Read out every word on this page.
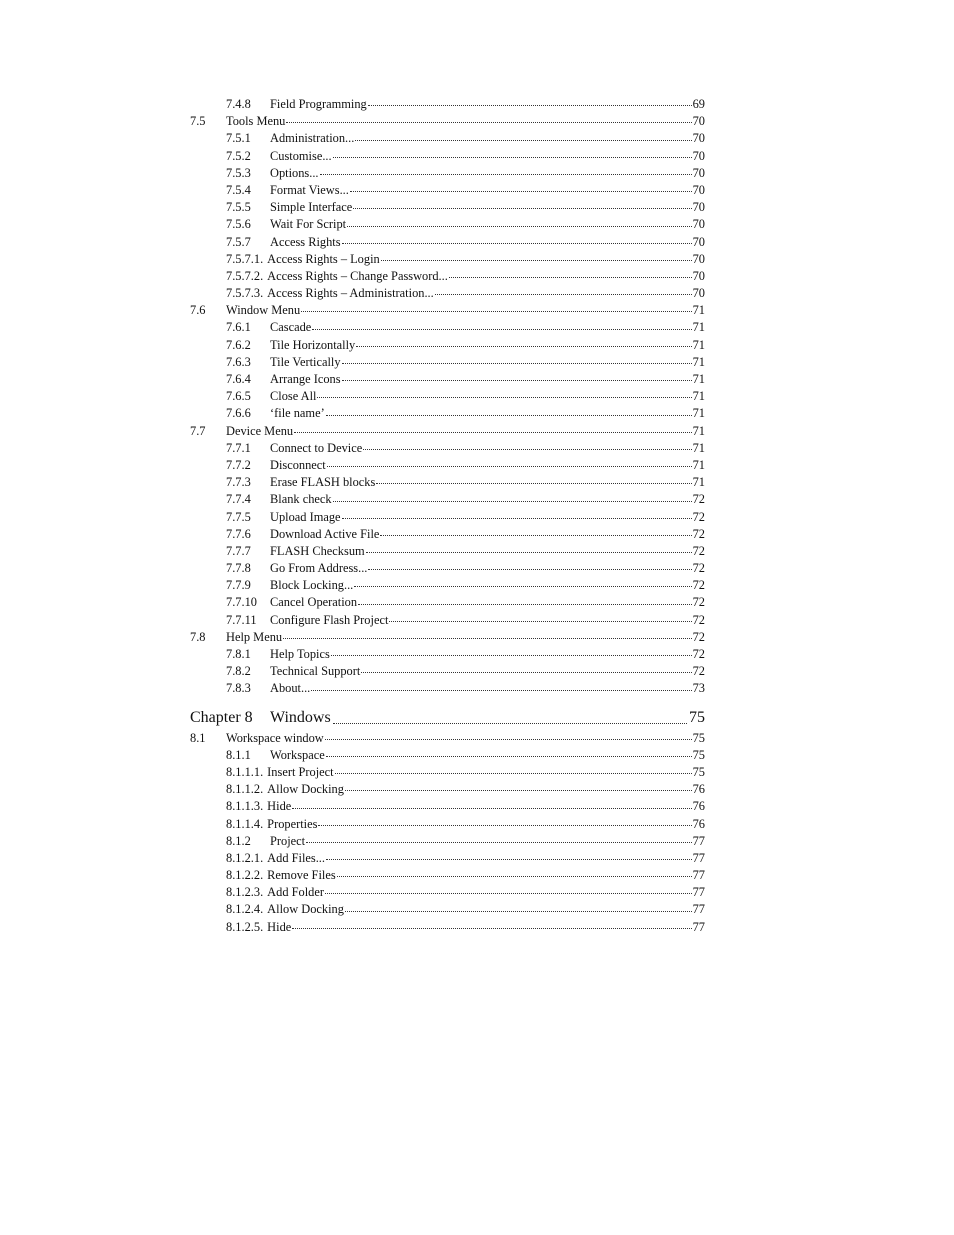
7.4.8	Field Programming	69
7.5	Tools Menu	70
7.5.1	Administration...	70
7.5.2	Customise...	70
7.5.3	Options...	70
7.5.4	Format Views...	70
7.5.5	Simple Interface	70
7.5.6	Wait For Script	70
7.5.7	Access Rights	70
7.5.7.1. Access Rights – Login	70
7.5.7.2. Access Rights – Change Password...	70
7.5.7.3. Access Rights – Administration...	70
7.6	Window Menu	71
7.6.1	Cascade	71
7.6.2	Tile Horizontally	71
7.6.3	Tile Vertically	71
7.6.4	Arrange Icons	71
7.6.5	Close All	71
7.6.6	‘file name’	71
7.7	Device Menu	71
7.7.1	Connect to Device	71
7.7.2	Disconnect	71
7.7.3	Erase FLASH blocks	71
7.7.4	Blank check	72
7.7.5	Upload Image	72
7.7.6	Download Active File	72
7.7.7	FLASH Checksum	72
7.7.8	Go From Address...	72
7.7.9	Block Locking...	72
7.7.10	Cancel Operation	72
7.7.11	Configure Flash Project	72
7.8	Help Menu	72
7.8.1	Help Topics	72
7.8.2	Technical Support	72
7.8.3	About...	73
Chapter 8	Windows	75
8.1	Workspace window	75
8.1.1	Workspace	75
8.1.1.1. Insert Project	75
8.1.1.2. Allow Docking	76
8.1.1.3. Hide	76
8.1.1.4. Properties	76
8.1.2	Project	77
8.1.2.1. Add Files...	77
8.1.2.2. Remove Files	77
8.1.2.3. Add Folder	77
8.1.2.4. Allow Docking	77
8.1.2.5. Hide	77
